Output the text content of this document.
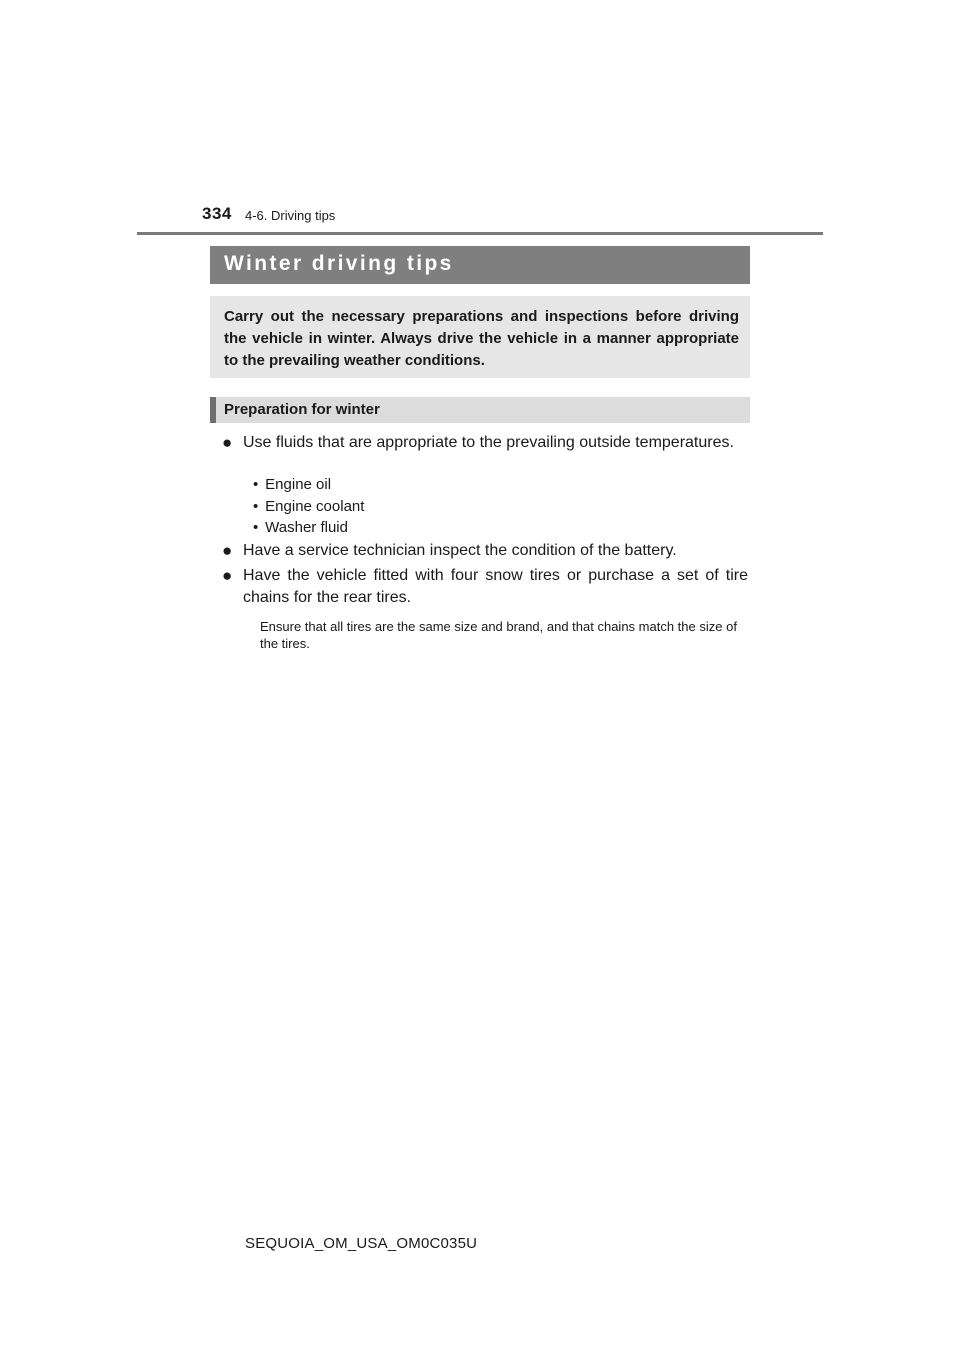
334 4-6. Driving tips
Winter driving tips

Carry out the necessary preparations and inspections before driving the vehicle in winter. Always drive the vehicle in a manner appropriate to the prevailing weather conditions.

Preparation for winter
● Use fluids that are appropriate to the prevailing outside temperatures.
• Engine oil
• Engine coolant
• Washer fluid
● Have a service technician inspect the condition of the battery.
● Have the vehicle fitted with four snow tires or purchase a set of tire chains for the rear tires.

Ensure that all tires are the same size and brand, and that chains match the size of the tires.

SEQUOIA_OM_USA_OM0C035U
